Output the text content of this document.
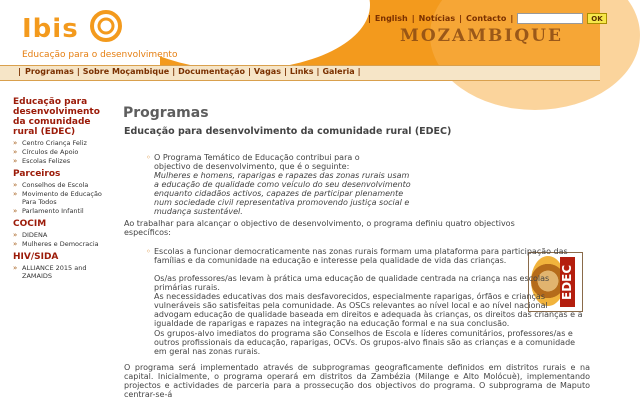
Ibis
Educação para o desenvolvimento
| English | Notícias | Contacto |	OK
MOZAMBIQUE
| Programas | Sobre Moçambique | Documentação | Vagas | Links | Galeria |
Educação para desenvolvimento da comunidade rural (EDEC)
» Centro Criança Feliz
» Círculos de Apoio
» Escolas Felizes
Parceiros
» Conselhos de Escola
» Movimento de Educação Para Todos
» Parlamento Infantil
COCIM
» DIDENA
» Mulheres e Democracia
HIV/SIDA
» ALLIANCE 2015 and ZAMAIDS
Programas
Educação para desenvolvimento da comunidade rural (EDEC)
◦ O Programa Temático de Educação contribui para o objectivo de desenvolvimento, que é o seguinte:
Mulheres e homens, raparigas e rapazes das zonas rurais usam a educação de qualidade como veículo do seu desenvolvimento enquanto cidadãos activos, capazes de participar plenamente num sociedade civil representativa promovendo justiça social e mudança sustentável.
EDEC
Ao trabalhar para alcançar o objectivo de desenvolvimento, o programa definiu quatro objectivos específicos:
◦ Escolas a funcionar democraticamente nas zonas rurais formam uma plataforma para participação das famílias e da comunidade na educação e interesse pela qualidade de vida das crianças.
Os/as professores/as levam à prática uma educação de qualidade centrada na criança nas escolas primárias rurais.
As necessidades educativas dos mais desfavorecidos, especialmente raparigas, órfãos e crianças vulneráveis são satisfeitas pela comunidade. As OSCs relevantes ao nível local e ao nível nacional advogam educação de qualidade baseada em direitos e adequada às crianças, os direitos das crianças e a igualdade de raparigas e rapazes na integração na educação formal e na sua conclusão.
Os grupos-alvo imediatos do programa são Conselhos de Escola e líderes comunitários, professores/as e outros profissionais da educação, raparigas, OCVs. Os grupos-alvo finais são as crianças e a comunidade em geral nas zonas rurais.
O programa será implementado através de subprogramas geograficamente definidos em distritos rurais e na capital. Inicialmente, o programa operará em distritos da Zambézia (Milange e Alto Molócuè), implementando projectos e actividades de parceria para a prossecução dos objectivos do programa. O subprograma de Maputo centrar-se-á
